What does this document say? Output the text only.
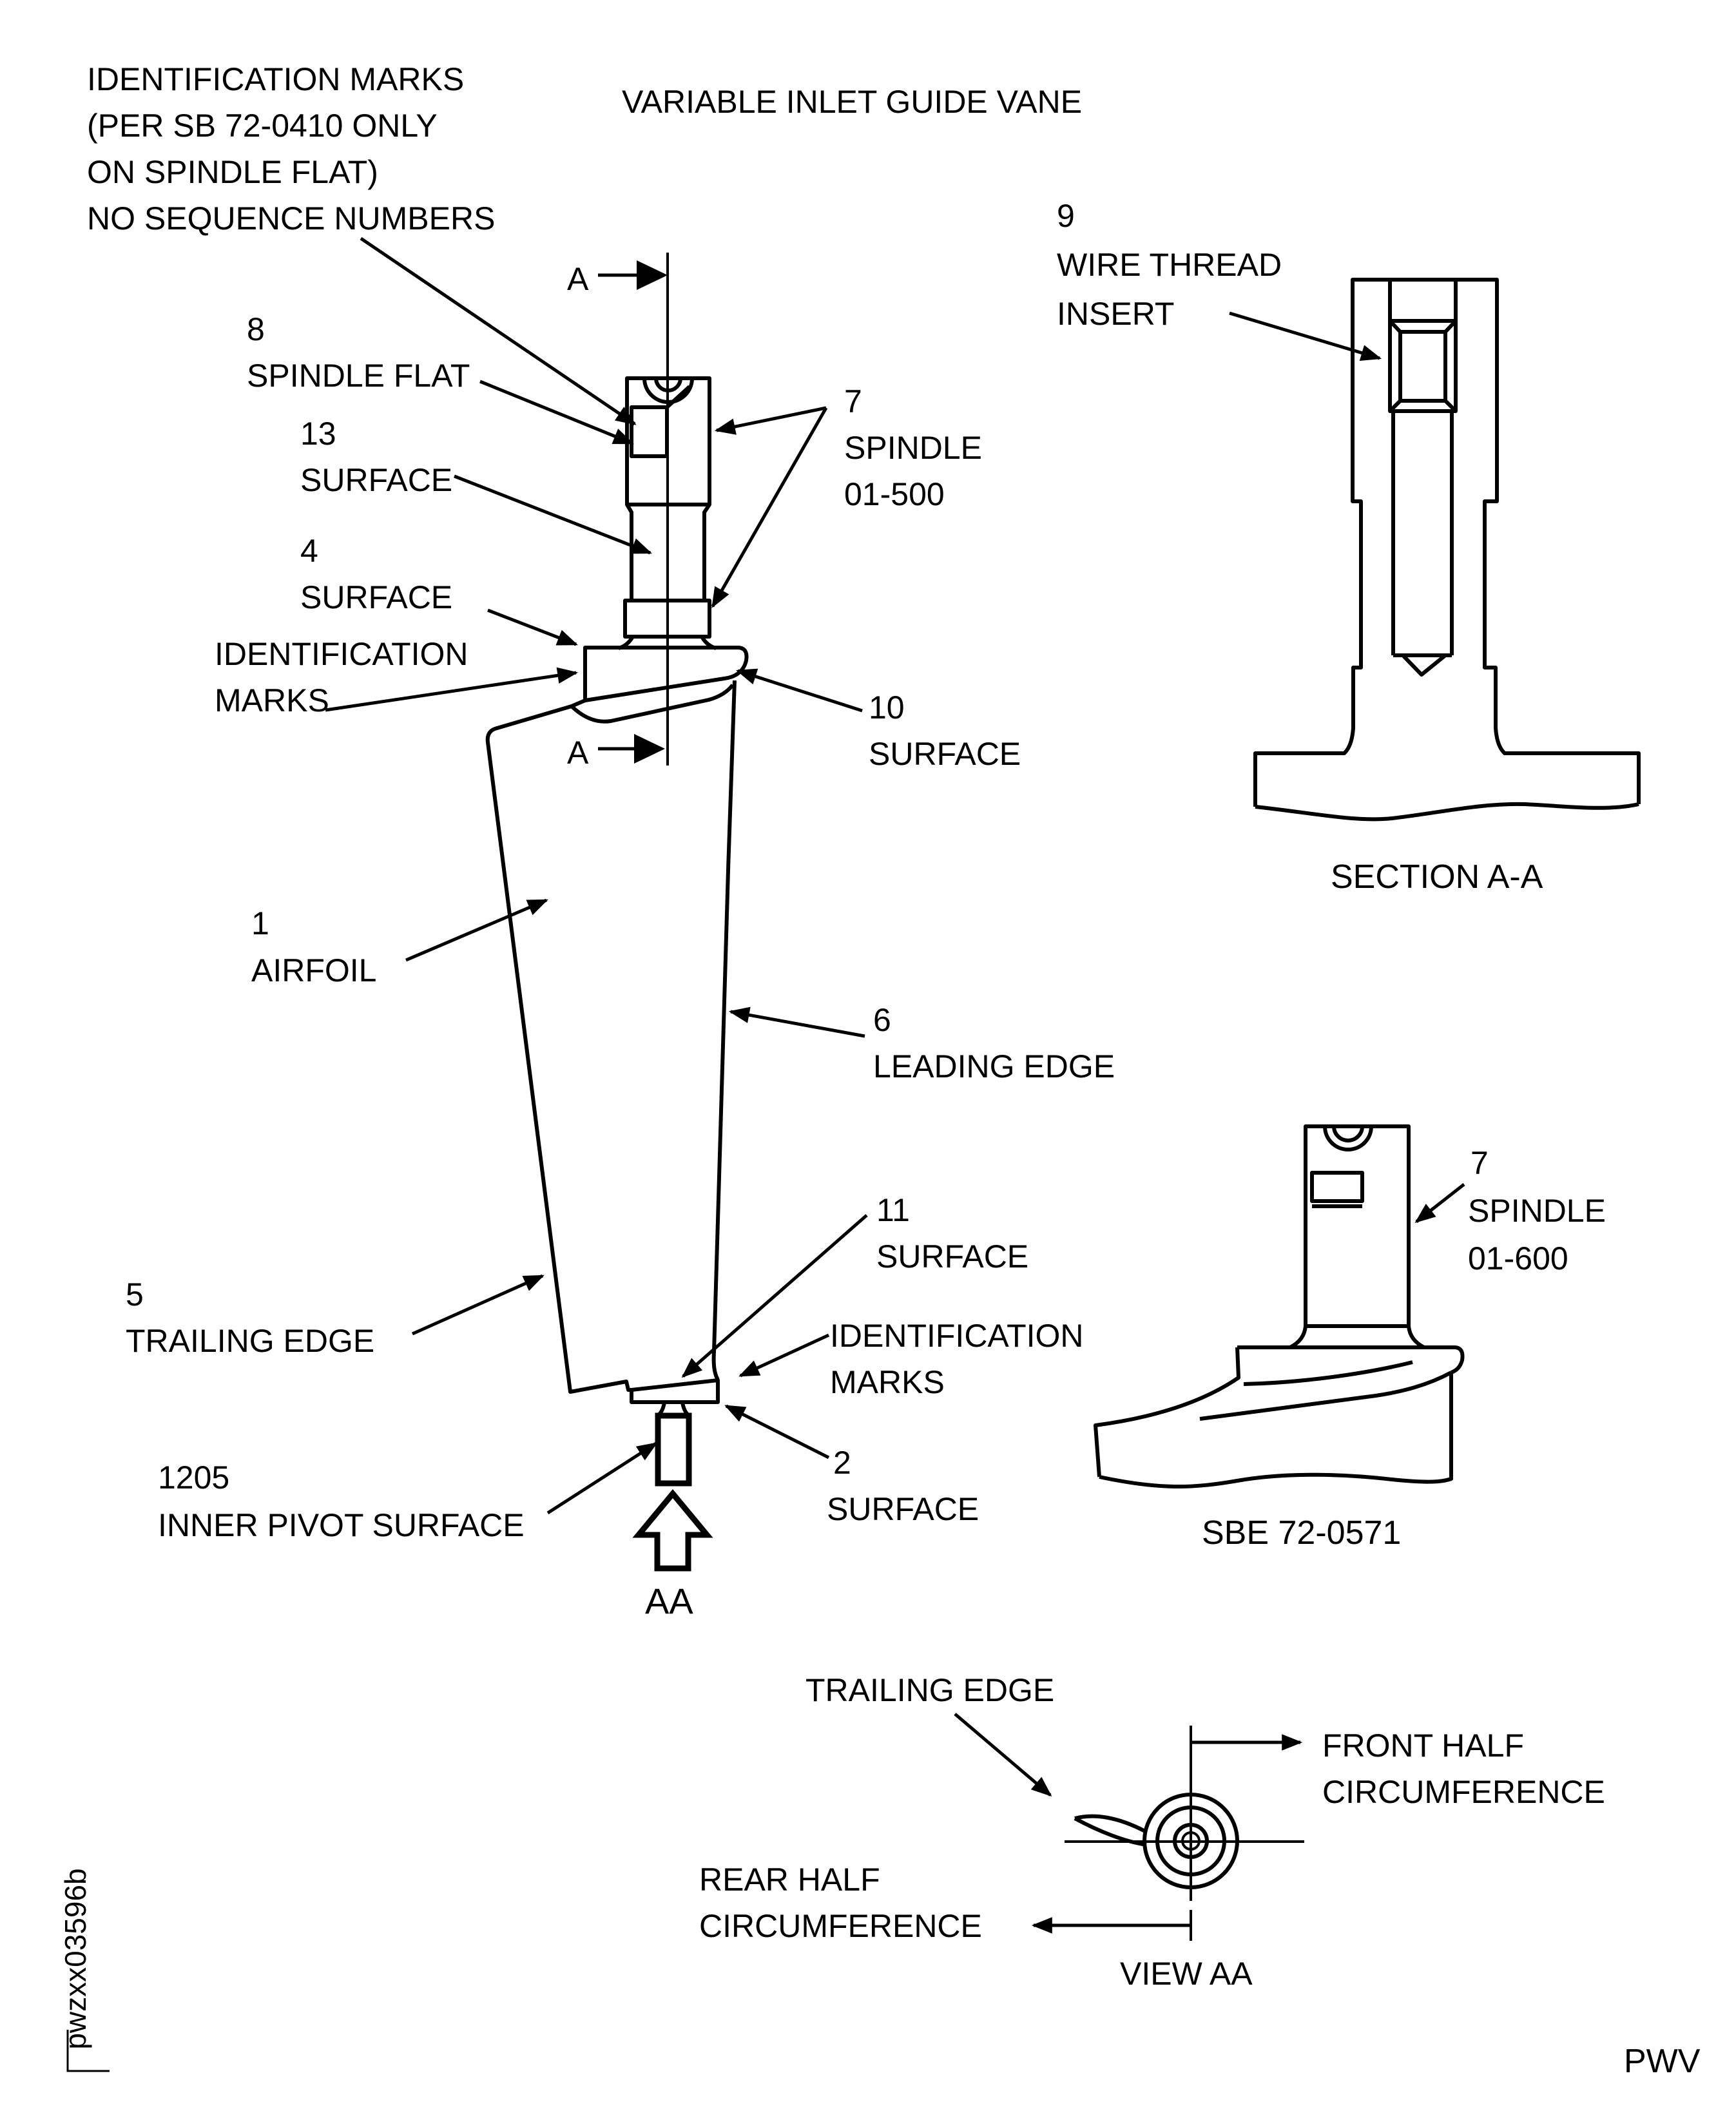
IDENTIFICATION MARKS
(PER SB 72-0410 ONLY
ON SPINDLE FLAT)
NO SEQUENCE NUMBERS
VARIABLE INLET GUIDE VANE
A
A
AA
8
SPINDLE FLAT
13
SURFACE
4
SURFACE
IDENTIFICATION
MARKS
7
SPINDLE
01-500
10
SURFACE
1
AIRFOIL
6
LEADING EDGE
5
TRAILING EDGE
11
SURFACE
IDENTIFICATION
MARKS
1205
INNER PIVOT SURFACE
2
SURFACE
9
WIRE THREAD
INSERT
SECTION A-A
7
SPINDLE
01-600
SBE 72-0571
TRAILING EDGE
FRONT HALF
CIRCUMFERENCE
REAR HALF
CIRCUMFERENCE
VIEW AA
pwzxx03596b
PWV
